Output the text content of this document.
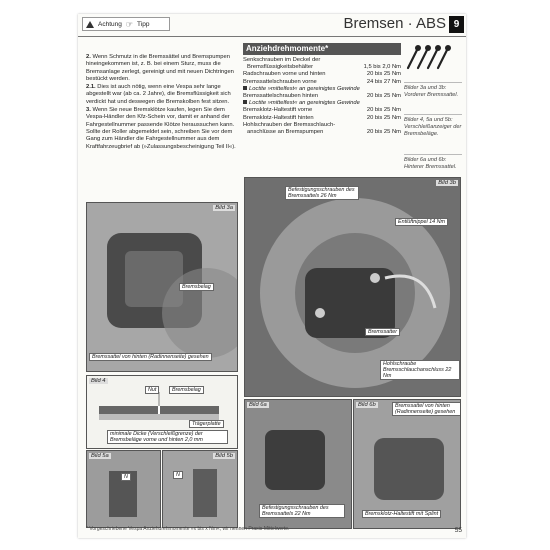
Achtung ☞ Tipp	Bremsen · ABS 9

2. Wenn Schmutz in die Bremssättel und Bremspumpen hineingekommen ist, z. B. bei einem Sturz, muss die Bremsanlage zerlegt, gereinigt und mit neuen Dichtringen bestückt werden.

2.1. Dies ist auch nötig, wenn eine Vespa sehr lange abgestellt war (ab ca. 2 Jahre), die Bremsflüssigkeit sich verdickt hat und deswegen die Bremskolben fest sitzen.

3. Wenn Sie neue Bremsklötze kaufen, legen Sie dem Vespa-Händler den Kfz-Schein vor, damit er anhand der Fahrgestellnummer passende Klötze heraussuchen kann. Sollte der Roller abgemeldet sein, schreiben Sie vor dem Gang zum Händler die Fahrgestellnummer aus dem Kraftfahrzeugbrief ab (»Zulassungsbescheinigung Teil II«).

Anziehdrehmomente*
Senkschrauben im Deckel der
Bremsflüssigkeitsbehälter	1,5 bis 2,0 Nm
Radschrauben vorne und hinten	20 bis 25 Nm
Bremssattelschrauben vorne	24 bis 27 Nm
Loctite »mittelfest« an gereinigtes Gewinde
Bremssattelschrauben hinten	20 bis 25 Nm
Loctite »mittelfest« an gereinigtes Gewinde
Bremsklotz-Haltestift vorne	20 bis 25 Nm
Bremsklotz-Haltestift hinten	20 bis 25 Nm
Hohlschrauben der Bremsschlauch-
anschlüsse an Bremspumpen	20 bis 25 Nm
Bilder 3a und 3b: Vorderer Bremssattel.
Bilder 4, 5a und 5b: Verschleißanzeiger der Bremsbeläge.
Bilder 6a und 6b: Hinterer Bremssattel.
Bild 3b
Befestigungsschrauben des Bremssattels 26 Nm
Entlüftnippel 14 Nm
Bremssatter
Hohlschraube Bremsschlauchanschluss 22 Nm
Bild 3a
Bremsbelag
Bremssattel von hinten (Radinnenseite) gesehen
Bild 4
Nut	Bremsbelag
Trägerplatte
minimale Dicke (Verschleißgrenze) der Bremsbeläge vorne und hinten 2,0 mm
Bild 5a
N
Bild 5b
N
Bild 6a
Befestigungsschrauben des Bremssattels 22 Nm
Bild 6b	Bremssattel von hinten (Radinnenseite) gesehen
Bremsklotz-Haltestift mit Splint
* Vorgeschriebene Vespa Anziehdrehmomente »x bis x Nm«, wir nennen Praxis-Mittelwerte.	55
